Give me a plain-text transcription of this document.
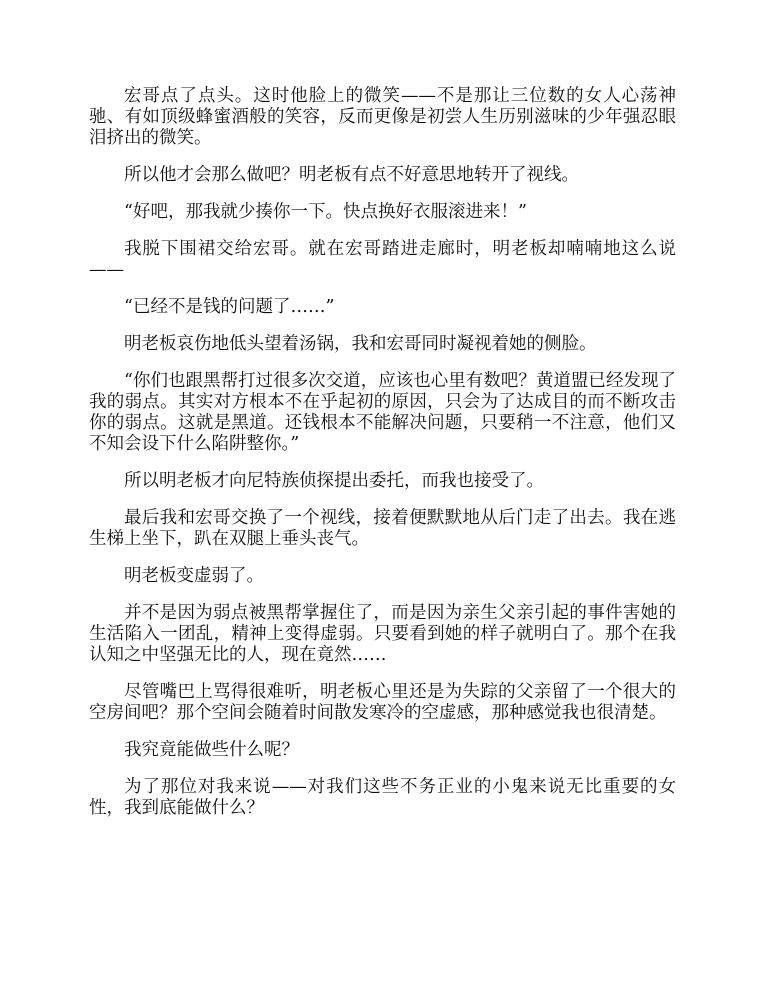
宏哥点了点头。这时他脸上的微笑——不是那让三位数的女人心荡神驰、有如顶级蜂蜜酒般的笑容，反而更像是初尝人生历别滋味的少年强忍眼泪挤出的微笑。

所以他才会那么做吧？明老板有点不好意思地转开了视线。

“好吧，那我就少揍你一下。快点换好衣服滚进来！”

我脱下围裙交给宏哥。就在宏哥踏进走廊时，明老板却喃喃地这么说——

“已经不是钱的问题了……”

明老板哀伤地低头望着汤锅，我和宏哥同时凝视着她的侧脸。

“你们也跟黑帮打过很多次交道，应该也心里有数吧？黄道盟已经发现了我的弱点。其实对方根本不在乎起初的原因，只会为了达成目的而不断攻击你的弱点。这就是黑道。还钱根本不能解决问题，只要稍一不注意，他们又不知会设下什么陷阱整你。”

所以明老板才向尼特族侦探提出委托，而我也接受了。

最后我和宏哥交换了一个视线，接着便默默地从后门走了出去。我在逃生梯上坐下，趴在双腿上垂头丧气。

明老板变虚弱了。

并不是因为弱点被黑帮掌握住了，而是因为亲生父亲引起的事件害她的生活陷入一团乱，精神上变得虚弱。只要看到她的样子就明白了。那个在我认知之中坚强无比的人，现在竟然……

尽管嘴巴上骂得很难听，明老板心里还是为失踪的父亲留了一个很大的空房间吧？那个空间会随着时间散发寒冷的空虚感，那种感觉我也很清楚。

我究竟能做些什么呢？

为了那位对我来说——对我们这些不务正业的小鬼来说无比重要的女性，我到底能做什么？
